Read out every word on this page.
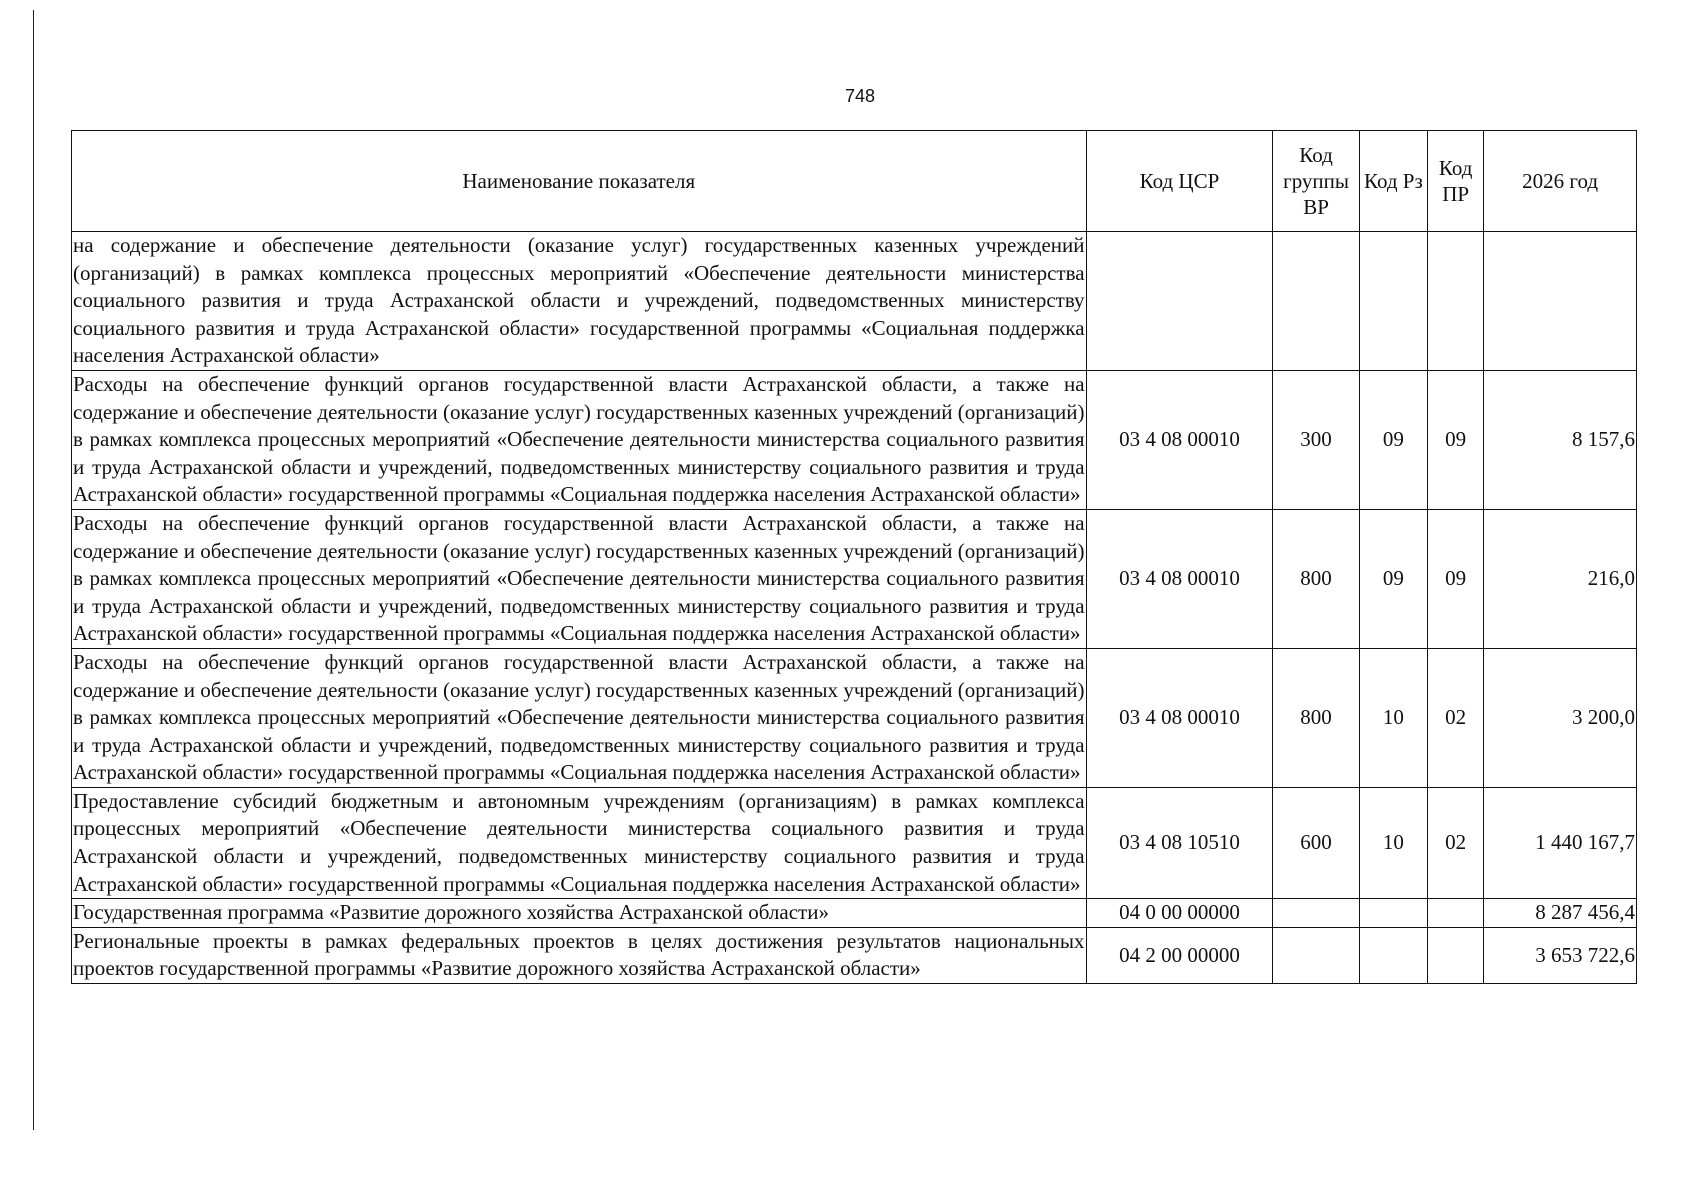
748
Наименование показателя	Код ЦСР	Код группы ВР	Код Рз	Код ПР	2026 год
на содержание и обеспечение деятельности (оказание услуг) государственных казенных учреждений (организаций) в рамках комплекса процессных мероприятий «Обеспечение деятельности министерства социального развития и труда Астраханской области и учреждений, подведомственных министерству социального развития и труда Астраханской области» государственной программы «Социальная поддержка населения Астраханской области»					
Расходы на обеспечение функций органов государственной власти Астраханской области, а также на содержание и обеспечение деятельности (оказание услуг) государственных казенных учреждений (организаций) в рамках комплекса процессных мероприятий «Обеспечение деятельности министерства социального развития и труда Астраханской области и учреждений, подведомственных министерству социального развития и труда Астраханской области» государственной программы «Социальная поддержка населения Астраханской области»	03 4 08 00010	300	09	09	8 157,6
Расходы на обеспечение функций органов государственной власти Астраханской области, а также на содержание и обеспечение деятельности (оказание услуг) государственных казенных учреждений (организаций) в рамках комплекса процессных мероприятий «Обеспечение деятельности министерства социального развития и труда Астраханской области и учреждений, подведомственных министерству социального развития и труда Астраханской области» государственной программы «Социальная поддержка населения Астраханской области»	03 4 08 00010	800	09	09	216,0
Расходы на обеспечение функций органов государственной власти Астраханской области, а также на содержание и обеспечение деятельности (оказание услуг) государственных казенных учреждений (организаций) в рамках комплекса процессных мероприятий «Обеспечение деятельности министерства социального развития и труда Астраханской области и учреждений, подведомственных министерству социального развития и труда Астраханской области» государственной программы «Социальная поддержка населения Астраханской области»	03 4 08 00010	800	10	02	3 200,0
Предоставление субсидий бюджетным и автономным учреждениям (организациям) в рамках комплекса процессных мероприятий «Обеспечение деятельности министерства социального развития и труда Астраханской области и учреждений, подведомственных министерству социального развития и труда Астраханской области» государственной программы «Социальная поддержка населения Астраханской области»	03 4 08 10510	600	10	02	1 440 167,7
Государственная программа «Развитие дорожного хозяйства Астраханской области»	04 0 00 00000				8 287 456,4
Региональные проекты в рамках федеральных проектов в целях достижения результатов национальных проектов государственной программы «Развитие дорожного хозяйства Астраханской области»	04 2 00 00000				3 653 722,6
